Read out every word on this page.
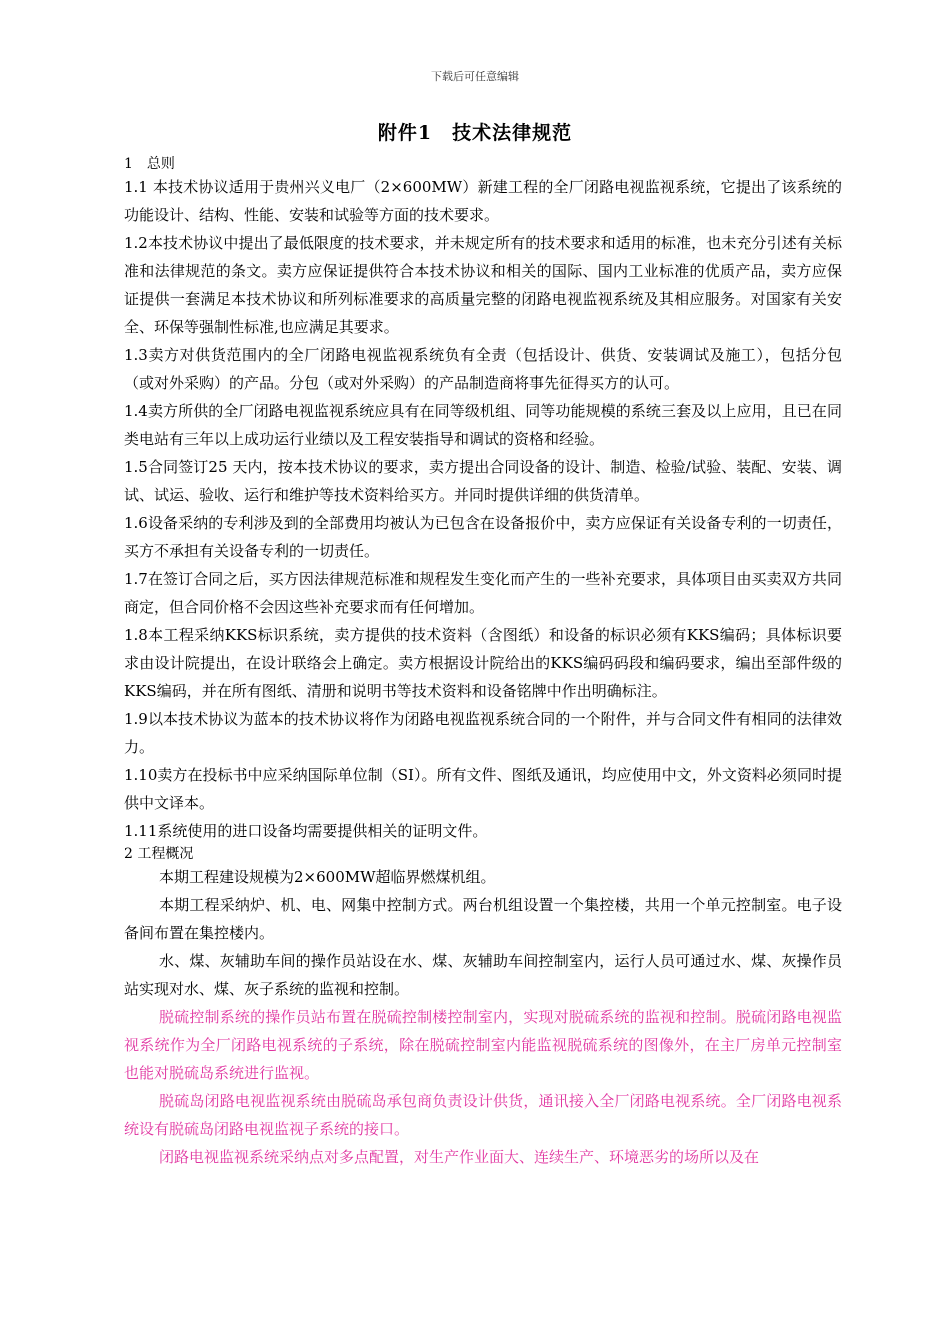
下载后可任意编辑
附件1　技术法律规范
1　总则

1.1 本技术协议适用于贵州兴义电厂（2×600MW）新建工程的全厂闭路电视监视系统，它提出了该系统的功能设计、结构、性能、安装和试验等方面的技术要求。

1.2本技术协议中提出了最低限度的技术要求，并未规定所有的技术要求和适用的标准，也未充分引述有关标准和法律规范的条文。卖方应保证提供符合本技术协议和相关的国际、国内工业标准的优质产品，卖方应保证提供一套满足本技术协议和所列标准要求的高质量完整的闭路电视监视系统及其相应服务。对国家有关安全、环保等强制性标准,也应满足其要求。

1.3卖方对供货范围内的全厂闭路电视监视系统负有全责（包括设计、供货、安装调试及施工），包括分包（或对外采购）的产品。分包（或对外采购）的产品制造商将事先征得买方的认可。

1.4卖方所供的全厂闭路电视监视系统应具有在同等级机组、同等功能规模的系统三套及以上应用，且已在同类电站有三年以上成功运行业绩以及工程安装指导和调试的资格和经验。

1.5合同签订25 天内，按本技术协议的要求，卖方提出合同设备的设计、制造、检验/试验、装配、安装、调试、试运、验收、运行和维护等技术资料给买方。并同时提供详细的供货清单。

1.6设备采纳的专利涉及到的全部费用均被认为已包含在设备报价中，卖方应保证有关设备专利的一切责任，买方不承担有关设备专利的一切责任。

1.7在签订合同之后，买方因法律规范标准和规程发生变化而产生的一些补充要求，具体项目由买卖双方共同商定，但合同价格不会因这些补充要求而有任何增加。

1.8本工程采纳KKS标识系统，卖方提供的技术资料（含图纸）和设备的标识必须有KKS编码；具体标识要求由设计院提出，在设计联络会上确定。卖方根据设计院给出的KKS编码码段和编码要求，编出至部件级的KKS编码，并在所有图纸、清册和说明书等技术资料和设备铭牌中作出明确标注。

1.9以本技术协议为蓝本的技术协议将作为闭路电视监视系统合同的一个附件，并与合同文件有相同的法律效力。

1.10卖方在投标书中应采纳国际单位制（SI）。所有文件、图纸及通讯，均应使用中文，外文资料必须同时提供中文译本。

1.11系统使用的进口设备均需要提供相关的证明文件。

2 工程概况

本期工程建设规模为2×600MW超临界燃煤机组。

本期工程采纳炉、机、电、网集中控制方式。两台机组设置一个集控楼，共用一个单元控制室。电子设备间布置在集控楼内。

水、煤、灰辅助车间的操作员站设在水、煤、灰辅助车间控制室内，运行人员可通过水、煤、灰操作员站实现对水、煤、灰子系统的监视和控制。

脱硫控制系统的操作员站布置在脱硫控制楼控制室内，实现对脱硫系统的监视和控制。脱硫闭路电视监视系统作为全厂闭路电视系统的子系统，除在脱硫控制室内能监视脱硫系统的图像外，在主厂房单元控制室也能对脱硫岛系统进行监视。

脱硫岛闭路电视监视系统由脱硫岛承包商负责设计供货，通讯接入全厂闭路电视系统。全厂闭路电视系统设有脱硫岛闭路电视监视子系统的接口。

闭路电视监视系统采纳点对多点配置，对生产作业面大、连续生产、环境恶劣的场所以及在
